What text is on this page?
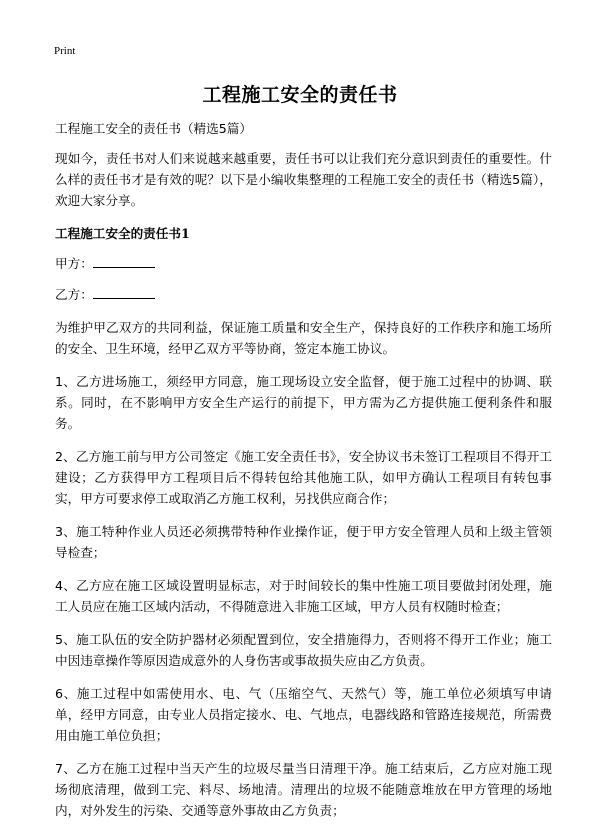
Print
工程施工安全的责任书

工程施工安全的责任书（精选5篇）

现如今，责任书对人们来说越来越重要，责任书可以让我们充分意识到责任的重要性。什么样的责任书才是有效的呢？以下是小编收集整理的工程施工安全的责任书（精选5篇），欢迎大家分享。

工程施工安全的责任书1
甲方：
乙方：

为维护甲乙双方的共同利益，保证施工质量和安全生产，保持良好的工作秩序和施工场所的安全、卫生环境，经甲乙双方平等协商，签定本施工协议。

1、乙方进场施工，须经甲方同意，施工现场设立安全监督，便于施工过程中的协调、联系。同时，在不影响甲方安全生产运行的前提下，甲方需为乙方提供施工便利条件和服务。

2、乙方施工前与甲方公司签定《施工安全责任书》，安全协议书未签订工程项目不得开工建设；乙方获得甲方工程项目后不得转包给其他施工队，如甲方确认工程项目有转包事实，甲方可要求停工或取消乙方施工权利，另找供应商合作；

3、施工特种作业人员还必须携带特种作业操作证，便于甲方安全管理人员和上级主管领导检查；

4、乙方应在施工区域设置明显标志，对于时间较长的集中性施工项目要做封闭处理，施工人员应在施工区域内活动，不得随意进入非施工区域，甲方人员有权随时检查；

5、施工队伍的安全防护器材必须配置到位，安全措施得力，否则将不得开工作业；施工中因违章操作等原因造成意外的人身伤害或事故损失应由乙方负责。

6、施工过程中如需使用水、电、气（压缩空气、天然气）等，施工单位必须填写申请单，经甲方同意，由专业人员指定接水、电、气地点，电器线路和管路连接规范，所需费用由施工单位负担；

7、乙方在施工过程中当天产生的垃圾尽量当日清理干净。施工结束后，乙方应对施工现场彻底清理，做到工完、料尽、场地清。清理出的垃圾不能随意堆放在甲方管理的场地内，对外发生的污染、交通等意外事故由乙方负责；
